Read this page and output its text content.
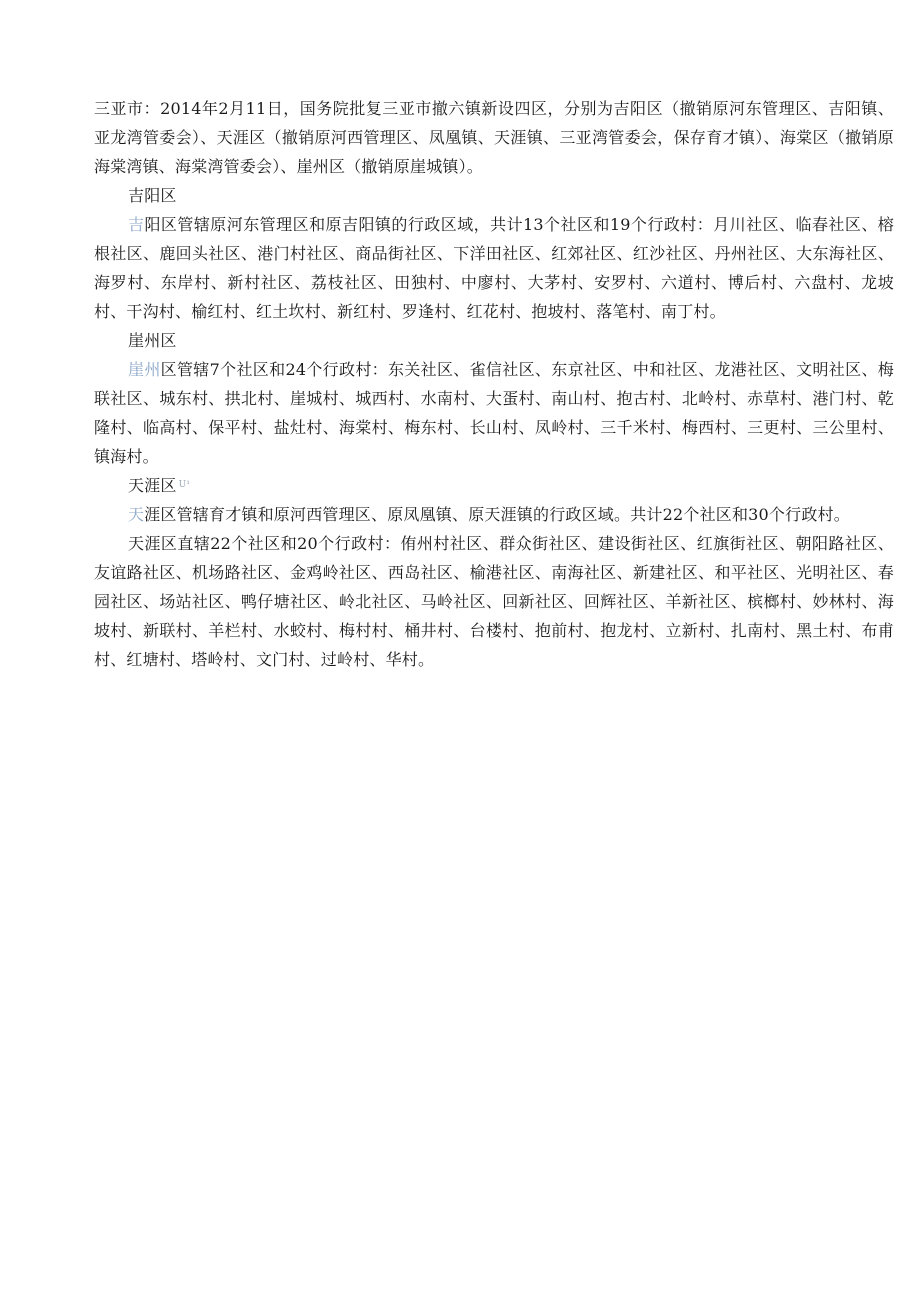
三亚市：2014年2月11日，国务院批复三亚市撤六镇新设四区，分别为吉阳区（撤销原河东管理区、吉阳镇、亚龙湾管委会）、天涯区（撤销原河西管理区、凤凰镇、天涯镇、三亚湾管委会，保存育才镇）、海棠区（撤销原海棠湾镇、海棠湾管委会）、崖州区（撤销原崖城镇）。

吉阳区

吉阳区管辖原河东管理区和原吉阳镇的行政区域，共计13个社区和19个行政村：月川社区、临春社区、榕根社区、鹿回头社区、港门村社区、商品街社区、下洋田社区、红郊社区、红沙社区、丹州社区、大东海社区、海罗村、东岸村、新村社区、荔枝社区、田独村、中廖村、大茅村、安罗村、六道村、博后村、六盘村、龙坡村、干沟村、榆红村、红土坎村、新红村、罗逢村、红花村、抱坡村、落笔村、南丁村。

崖州区

崖州区管辖7个社区和24个行政村：东关社区、雀信社区、东京社区、中和社区、龙港社区、文明社区、梅联社区、城东村、拱北村、崖城村、城西村、水南村、大蛋村、南山村、抱古村、北岭村、赤草村、港门村、乾隆村、临高村、保平村、盐灶村、海棠村、梅东村、长山村、凤岭村、三千米村、梅西村、三更村、三公里村、镇海村。

天涯区 $^{U^1}$

天涯区管辖育才镇和原河西管理区、原凤凰镇、原天涯镇的行政区域。共计22个社区和30个行政村。

天涯区直辖22个社区和20个行政村：侑州村社区、群众街社区、建设街社区、红旗街社区、朝阳路社区、友谊路社区、机场路社区、金鸡岭社区、西岛社区、榆港社区、南海社区、新建社区、和平社区、光明社区、春园社区、场站社区、鸭仔塘社区、岭北社区、马岭社区、回新社区、回辉社区、羊新社区、槟榔村、妙林村、海坡村、新联村、羊栏村、水蛟村、梅村村、桶井村、台楼村、抱前村、抱龙村、立新村、扎南村、黑土村、布甫村、红塘村、塔岭村、文门村、过岭村、华村。
